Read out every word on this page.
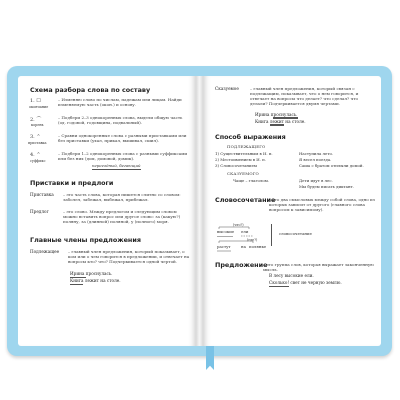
Схема разбора слова по составу
1. ☐
окончание
– Изменяю слово по числам, падежам или лицам. Найди изменяемую часть (окон.) и основу.
2. ⌒
корень
– Подбери 2–3 однокоренных слова, выдели общую часть (од. годовой, годовщина, подвальный).
3. ⌃
приставка
– Сравни однокоренные слова с разными приставками или без приставки (ухал, прикал, вышивал, сшил).
4. ⌃
суффикс
– Подбери 1–2 однокоренных слова с разными суффиксами или без них (дом, домовой, домик).
переездный, бегающий
Приставки и предлоги
Приставка – это часть слова, которая пишется слитно со словом: заболел, забежал, выбежал, прибежал.
Предлог	– это слово. Между предлогом и следующим словом можно вставить вопрос или другое слово: за (какую?) поляну, за (длинной) поляной, у (полного) моря.
Главные члены предложения
Подлежащее – главный член предложения, который показывает, о ком или о чем говорится в предложении, и отвечает на вопросы кто? что? Подчеркивается одной чертой.
Ирина проснулась.
Книга лежит на столе.
Сказуемое	– главный член предложения, который связан с подлежащим, показывает, что о нем говорится, и отвечает на вопросы что делает? что сделал? что делали? Подчеркивается двумя чертами.
Ирина проснулась.
Книга лежит на столе.
Способ выражения
ПОДЛЕЖАЩЕГО
1) Существительным в И. п.	Наступила лето.
2) Местоимением в И. п.	Я весел поезда.
3) Словосочетанием	Саша с братом отплыли домой.
СКАЗУЕМОГО
Чаще – глаголом.	Дети идут в лес.
Мы будем писать диктант.
Словосочетание
– это два смысловых между собой слова, одно из которых зависит от другого (главного слова вопросом к зависимому).
(что?)
высокие ели
(где?)
растут	на полянке
словосочетание
Предложение
– это группа слов, которая выражает законченную мысль.
В лесу высокие ели.
Сколько! свет не черную землю.
